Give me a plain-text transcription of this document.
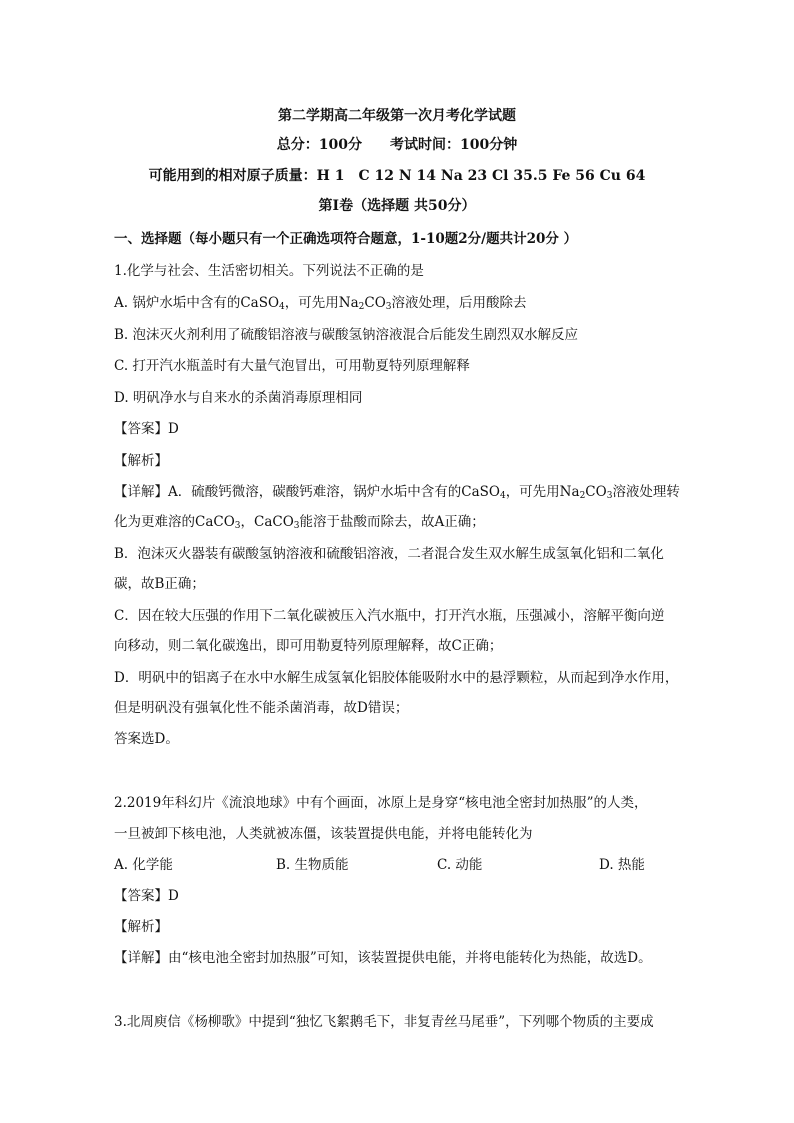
第二学期高二年级第一次月考化学试题
总分：100分　　考试时间：100分钟
可能用到的相对原子质量：H 1　C 12 N 14 Na 23 Cl 35.5 Fe 56 Cu 64
第Ⅰ卷（选择题 共50分）
一、选择题（每小题只有一个正确选项符合题意，1-10题2分/题共计20分 ）
1.化学与社会、生活密切相关。下列说法不正确的是
A. 锅炉水垢中含有的CaSO$_4$，可先用$Na_2CO_3$溶液处理，后用酸除去
B. 泡沫灭火剂利用了硫酸铝溶液与碳酸氢钠溶液混合后能发生剧烈双水解反应
C. 打开汽水瓶盖时有大量气泡冒出，可用勒夏特列原理解释
D. 明矾净水与自来水的杀菌消毒原理相同
【答案】D
【解析】
【详解】A．硫酸钙微溶，碳酸钙难溶，锅炉水垢中含有的CaSO$_4$，可先用$Na_2CO_3$溶液处理转
化为更难溶的CaCO$_3$，CaCO$_3$能溶于盐酸而除去，故A正确；
B．泡沫灭火器装有碳酸氢钠溶液和硫酸铝溶液，二者混合发生双水解生成氢氧化铝和二氧化
碳，故B正确；
C．因在较大压强的作用下二氧化碳被压入汽水瓶中，打开汽水瓶，压强减小，溶解平衡向逆
向移动，则二氧化碳逸出，即可用勒夏特列原理解释，故C正确；
D．明矾中的铝离子在水中水解生成氢氧化铝胶体能吸附水中的悬浮颗粒，从而起到净水作用，
但是明矾没有强氧化性不能杀菌消毒，故D错误；
答案选D。
2.2019年科幻片《流浪地球》中有个画面，冰原上是身穿“核电池全密封加热服”的人类，
一旦被卸下核电池，人类就被冻僵，该装置提供电能，并将电能转化为
A. 化学能	B. 生物质能	C. 动能	D. 热能
【答案】D
【解析】
【详解】由“核电池全密封加热服”可知，该装置提供电能，并将电能转化为热能，故选D。
3.北周庾信《杨柳歌》中提到“独忆飞絮鹅毛下，非复青丝马尾垂”，下列哪个物质的主要成
